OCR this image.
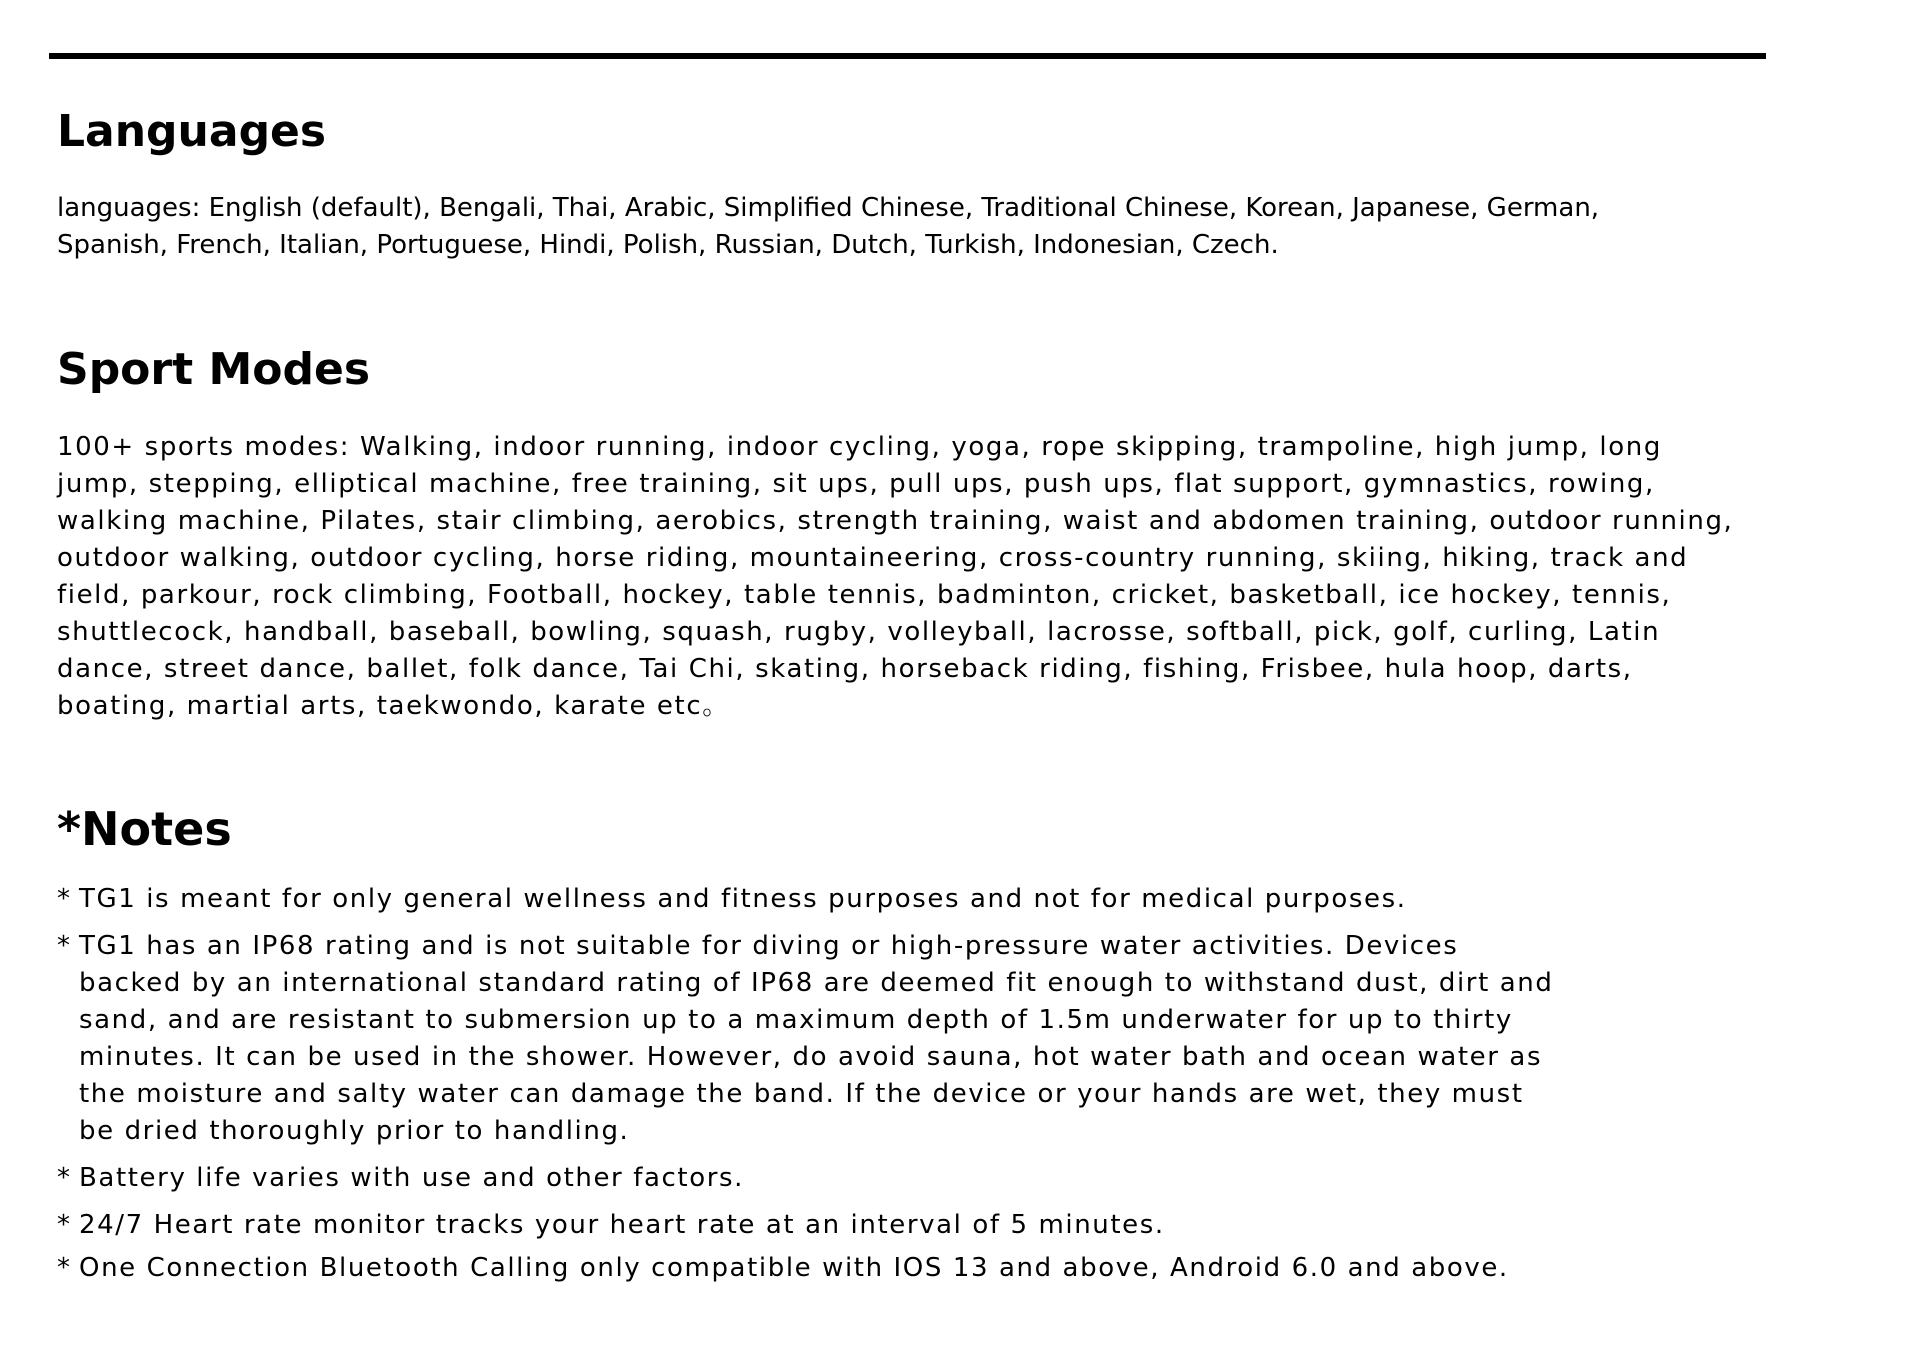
Languages

languages: English (default), Bengali, Thai, Arabic, Simplified Chinese, Traditional Chinese, Korean, Japanese, German, Spanish, French, Italian, Portuguese, Hindi, Polish, Russian, Dutch, Turkish, Indonesian, Czech.

Sport Modes

100+ sports modes: Walking, indoor running, indoor cycling, yoga, rope skipping, trampoline, high jump, long jump, stepping, elliptical machine, free training, sit ups, pull ups, push ups, flat support, gymnastics, rowing, walking machine, Pilates, stair climbing, aerobics, strength training, waist and abdomen training, outdoor running, outdoor walking, outdoor cycling, horse riding, mountaineering, cross-country running, skiing, hiking, track and field, parkour, rock climbing, Football, hockey, table tennis, badminton, cricket, basketball, ice hockey, tennis, shuttlecock, handball, baseball, bowling, squash, rugby, volleyball, lacrosse, softball, pick, golf, curling, Latin dance, street dance, ballet, folk dance, Tai Chi, skating, horseback riding, fishing, Frisbee, hula hoop, darts, boating, martial arts, taekwondo, karate etc。

*Notes
* TG1 is meant for only general wellness and fitness purposes and not for medical purposes.
* TG1 has an IP68 rating and is not suitable for diving or high-pressure water activities. Devices backed by an international standard rating of IP68 are deemed fit enough to withstand dust, dirt and sand, and are resistant to submersion up to a maximum depth of 1.5m underwater for up to thirty minutes. It can be used in the shower. However, do avoid sauna, hot water bath and ocean water as the moisture and salty water can damage the band. If the device or your hands are wet, they must be dried thoroughly prior to handling.
* Battery life varies with use and other factors.
* 24/7 Heart rate monitor tracks your heart rate at an interval of 5 minutes.
* One Connection Bluetooth Calling only compatible with IOS 13 and above, Android 6.0 and above.
